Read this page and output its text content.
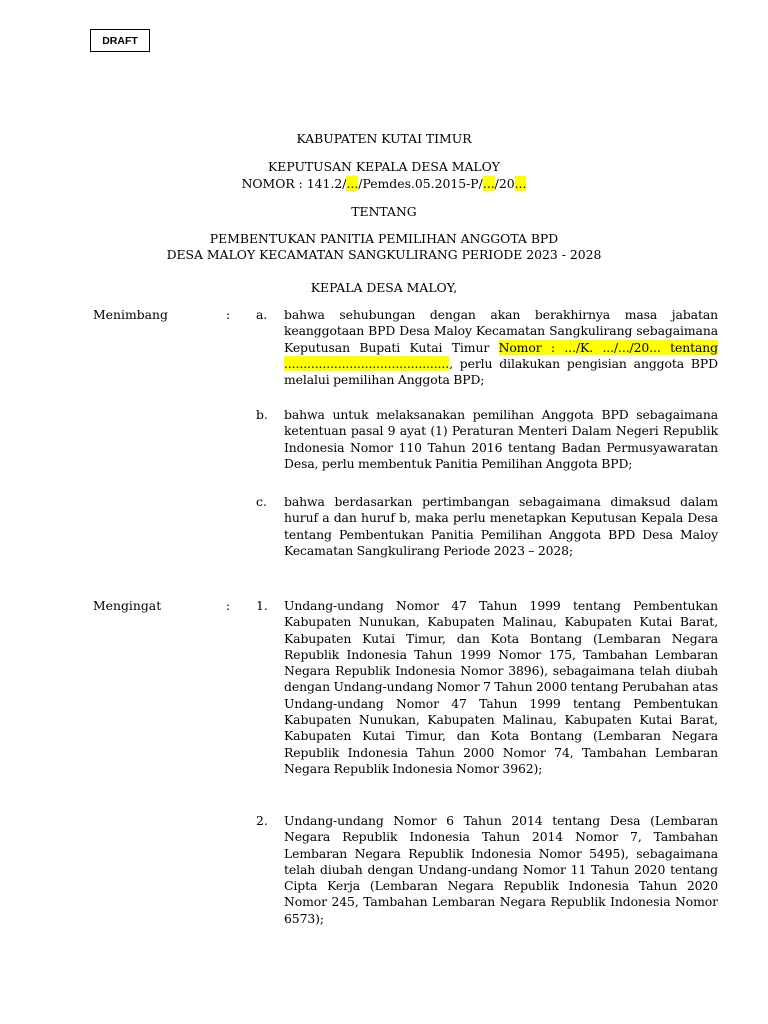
DRAFT
KABUPATEN KUTAI TIMUR
KEPUTUSAN KEPALA DESA MALOY
NOMOR : 141.2/.../Pemdes.05.2015-P/.../20...
TENTANG
PEMBENTUKAN PANITIA PEMILIHAN ANGGOTA BPD
DESA MALOY KECAMATAN SANGKULIRANG PERIODE 2023 - 2028
KEPALA DESA MALOY,
Menimbang	: a.	bahwa sehubungan dengan akan berakhirnya masa jabatan keanggotaan BPD Desa Maloy Kecamatan Sangkulirang sebagaimana Keputusan Bupati Kutai Timur Nomor : .../K. .../.../20... tentang ..........................................., perlu dilakukan pengisian anggota BPD melalui pemilihan Anggota BPD;
b.	bahwa untuk melaksanakan pemilihan Anggota BPD sebagaimana ketentuan pasal 9 ayat (1) Peraturan Menteri Dalam Negeri Republik Indonesia Nomor 110 Tahun 2016 tentang Badan Permusyawaratan Desa, perlu membentuk Panitia Pemilihan Anggota BPD;
c.	bahwa berdasarkan pertimbangan sebagaimana dimaksud dalam huruf a dan huruf b, maka perlu menetapkan Keputusan Kepala Desa tentang Pembentukan Panitia Pemilihan Anggota BPD Desa Maloy Kecamatan Sangkulirang Periode 2023 – 2028;
Mengingat	: 1.	Undang-undang Nomor 47 Tahun 1999 tentang Pembentukan Kabupaten Nunukan, Kabupaten Malinau, Kabupaten Kutai Barat, Kabupaten Kutai Timur, dan Kota Bontang (Lembaran Negara Republik Indonesia Tahun 1999 Nomor 175, Tambahan Lembaran Negara Republik Indonesia Nomor 3896), sebagaimana telah diubah dengan Undang-undang Nomor 7 Tahun 2000 tentang Perubahan atas Undang-undang Nomor 47 Tahun 1999 tentang Pembentukan Kabupaten Nunukan, Kabupaten Malinau, Kabupaten Kutai Barat, Kabupaten Kutai Timur, dan Kota Bontang (Lembaran Negara Republik Indonesia Tahun 2000 Nomor 74, Tambahan Lembaran Negara Republik Indonesia Nomor 3962);
2.	Undang-undang Nomor 6 Tahun 2014 tentang Desa (Lembaran Negara Republik Indonesia Tahun 2014 Nomor 7, Tambahan Lembaran Negara Republik Indonesia Nomor 5495), sebagaimana telah diubah dengan Undang-undang Nomor 11 Tahun 2020 tentang Cipta Kerja (Lembaran Negara Republik Indonesia Tahun 2020 Nomor 245, Tambahan Lembaran Negara Republik Indonesia Nomor 6573);
